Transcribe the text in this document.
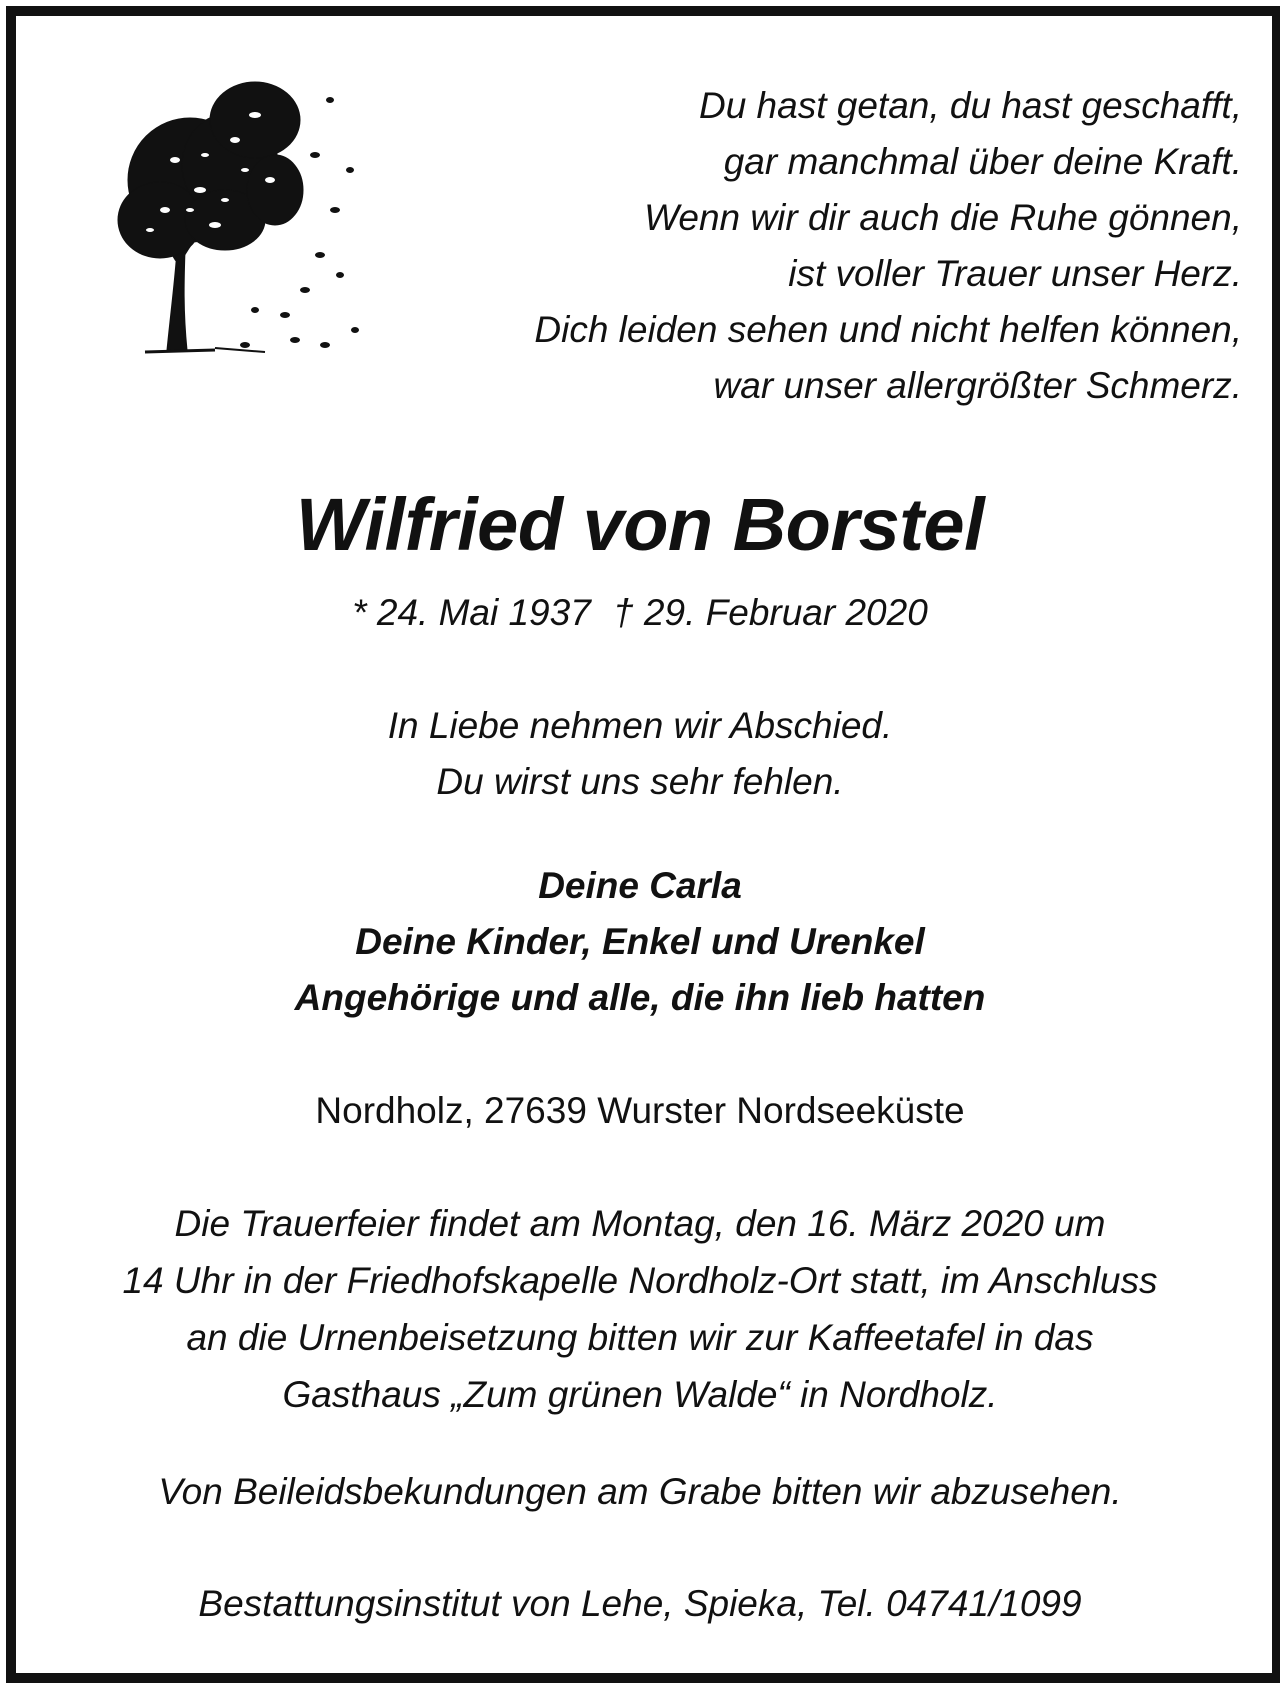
Du hast getan, du hast geschafft,
gar manchmal über deine Kraft.
Wenn wir dir auch die Ruhe gönnen,
ist voller Trauer unser Herz.
Dich leiden sehen und nicht helfen können,
war unser allergrößter Schmerz.
Wilfried von Borstel
* 24. Mai 1937 † 29. Februar 2020
In Liebe nehmen wir Abschied.
Du wirst uns sehr fehlen.
Deine Carla
Deine Kinder, Enkel und Urenkel
Angehörige und alle, die ihn lieb hatten
Nordholz, 27639 Wurster Nordseeküste
Die Trauerfeier findet am Montag, den 16. März 2020 um
14 Uhr in der Friedhofskapelle Nordholz-Ort statt, im Anschluss
an die Urnenbeisetzung bitten wir zur Kaffeetafel in das
Gasthaus „Zum grünen Walde“ in Nordholz.
Von Beileidsbekundungen am Grabe bitten wir abzusehen.
Bestattungsinstitut von Lehe, Spieka, Tel. 04741/1099
